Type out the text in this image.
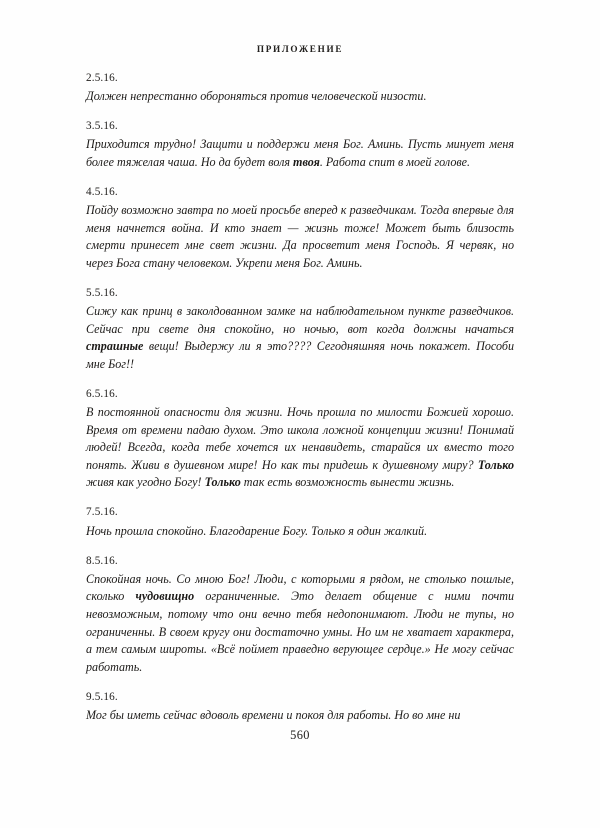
ПРИЛОЖЕНИЕ
2.5.16.
Должен непрестанно обороняться против человеческой низости.
3.5.16.
Приходится трудно! Защити и поддержи меня Бог. Аминь. Пусть минует меня более тяжелая чаша. Но да будет воля твоя. Работа спит в моей голове.
4.5.16.
Пойду возможно завтра по моей просьбе вперед к разведчикам. Тогда впервые для меня начнется война. И кто знает — жизнь тоже! Может быть близость смерти принесет мне свет жизни. Да просветит меня Господь. Я червяк, но через Бога стану человеком. Укрепи меня Бог. Аминь.
5.5.16.
Сижу как принц в заколдованном замке на наблюдательном пункте разведчиков. Сейчас при свете дня спокойно, но ночью, вот когда должны начаться страшные вещи! Выдержу ли я это???? Сегодняшняя ночь покажет. Пособи мне Бог!!
6.5.16.
В постоянной опасности для жизни. Ночь прошла по милости Божией хорошо. Время от времени падаю духом. Это школа ложной концепции жизни! Понимай людей! Всегда, когда тебе хочется их ненавидеть, старайся их вместо того понять. Живи в душевном мире! Но как ты придешь к душевному миру? Только живя как угодно Богу! Только так есть возможность вынести жизнь.
7.5.16.
Ночь прошла спокойно. Благодарение Богу. Только я один жалкий.
8.5.16.
Спокойная ночь. Со мною Бог! Люди, с которыми я рядом, не столько пошлые, сколько чудовищно ограниченные. Это делает общение с ними почти невозможным, потому что они вечно тебя недопонимают. Люди не тупы, но ограниченны. В своем кругу они достаточно умны. Но им не хватает характера, а тем самым широты. «Всё поймет праведно верующее сердце.» Не могу сейчас работать.
9.5.16.
Мог бы иметь сейчас вдоволь времени и покоя для работы. Но во мне ни
560
